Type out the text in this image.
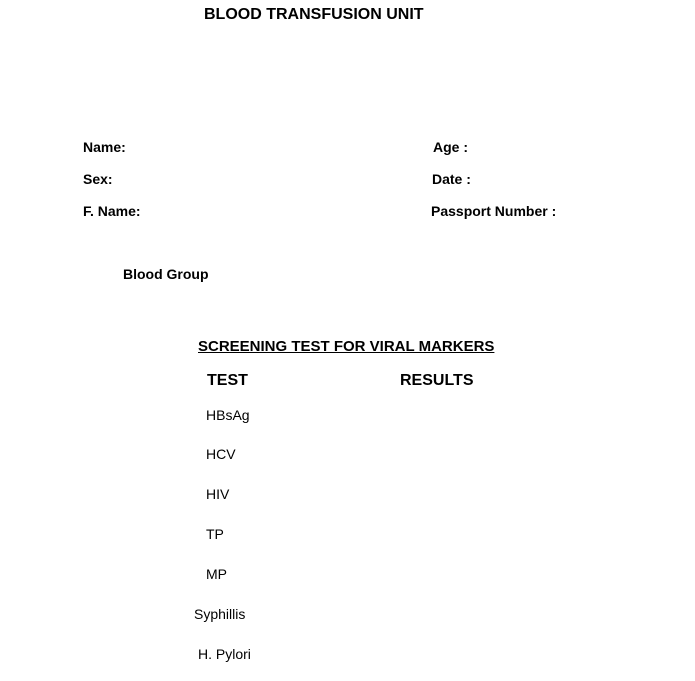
BLOOD TRANSFUSION UNIT
Name:	Age :
Sex:	Date :
F. Name:	Passport Number :
Blood Group
SCREENING TEST FOR VIRAL MARKERS
TEST	RESULTS
HBsAg
HCV
HIV
TP
MP
Syphillis
H. Pylori
